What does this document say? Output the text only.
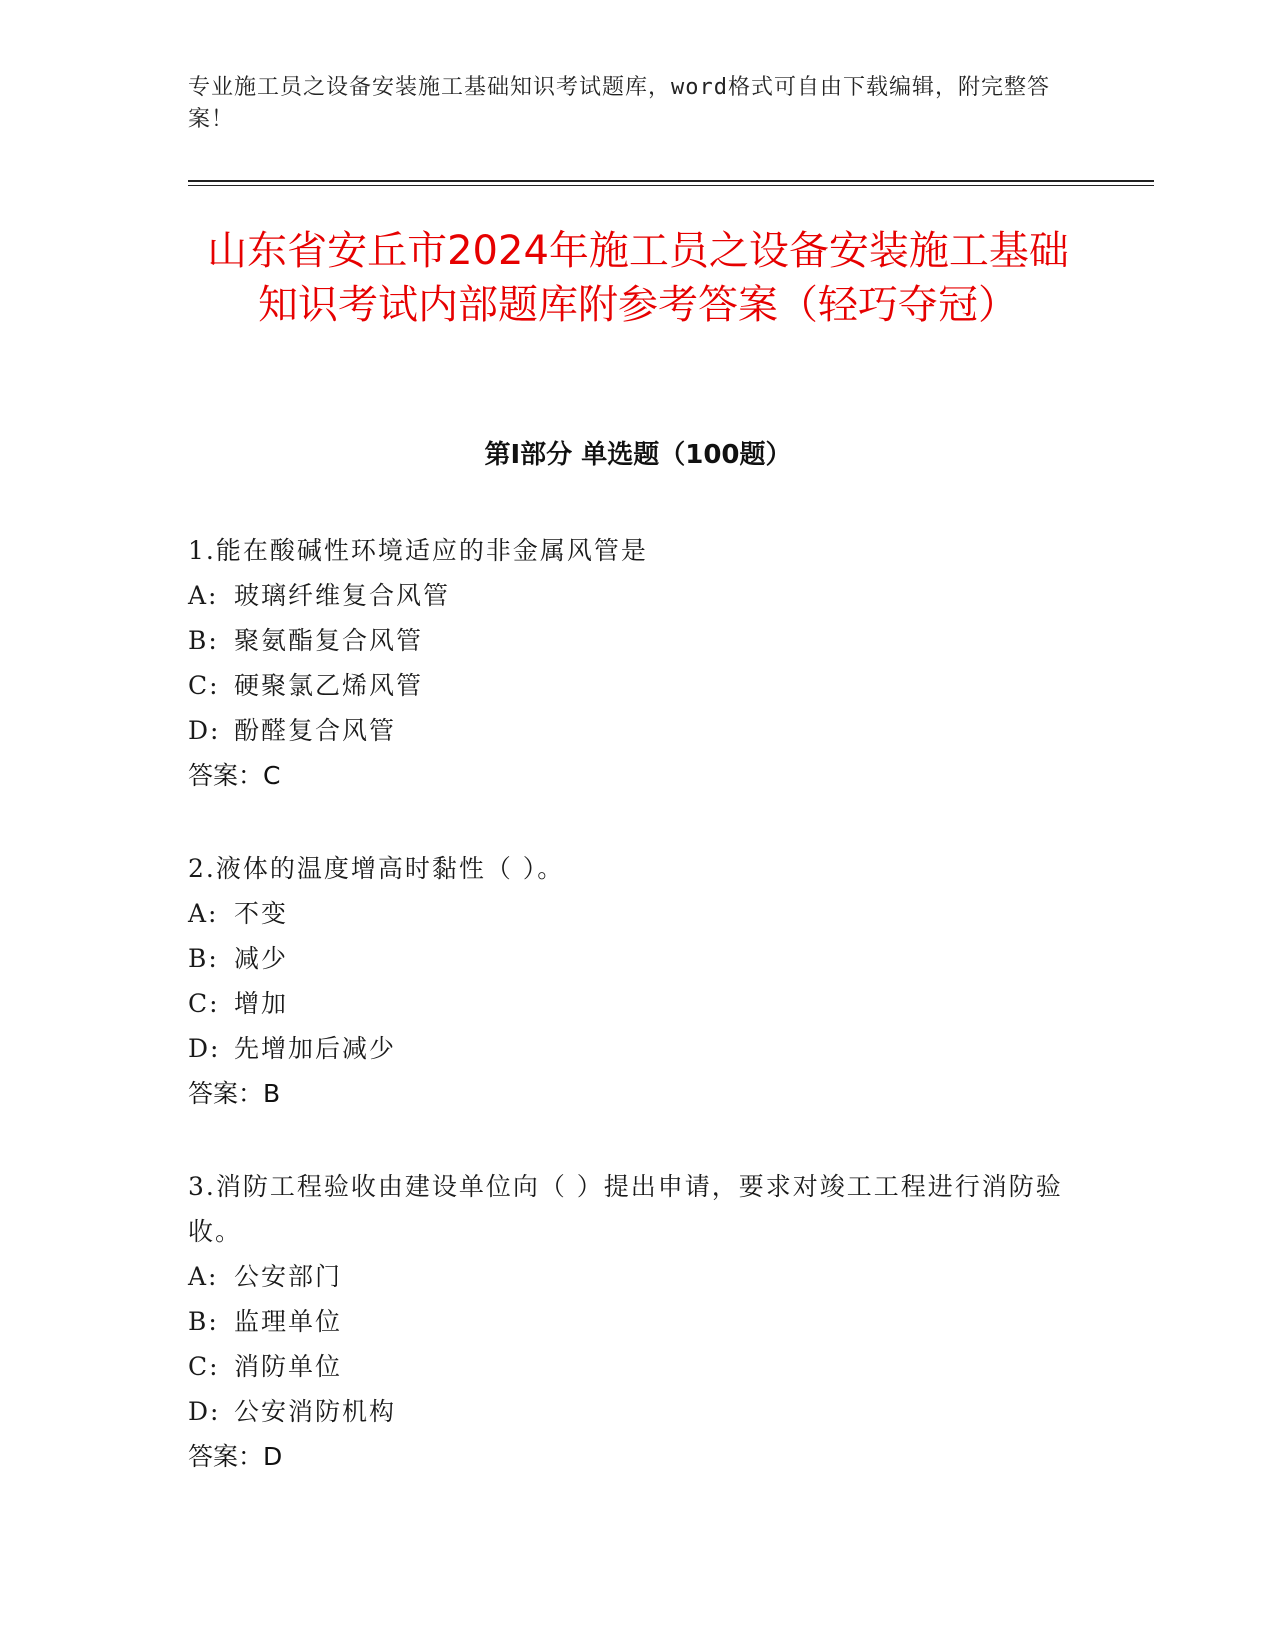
专业施工员之设备安装施工基础知识考试题库，word格式可自由下载编辑，附完整答案！
山东省安丘市2024年施工员之设备安装施工基础知识考试内部题库附参考答案（轻巧夺冠）
第Ⅰ部分 单选题（100题）
1.能在酸碱性环境适应的非金属风管是
A: 玻璃纤维复合风管
B: 聚氨酯复合风管
C: 硬聚氯乙烯风管
D: 酚醛复合风管
答案：C
2.液体的温度增高时黏性（ ）。
A: 不变
B: 减少
C: 增加
D: 先增加后减少
答案：B
3.消防工程验收由建设单位向（ ）提出申请，要求对竣工工程进行消防验收。
A: 公安部门
B: 监理单位
C: 消防单位
D: 公安消防机构
答案：D
